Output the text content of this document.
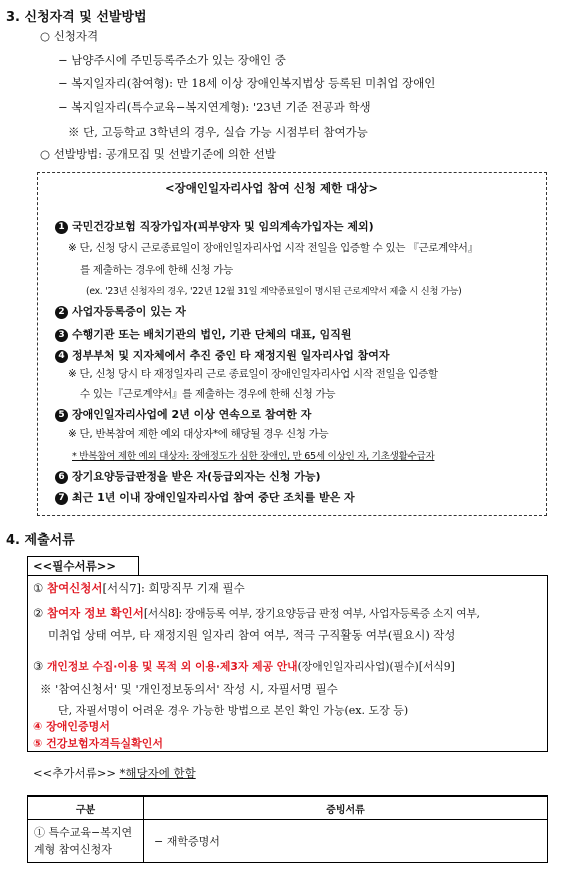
3. 신청자격 및 선발방법
○ 신청자격
− 남양주시에 주민등록주소가 있는 장애인 중
− 복지일자리(참여형): 만 18세 이상 장애인복지법상 등록된 미취업 장애인
− 복지일자리(특수교육−복지연계형): '23년 기준 전공과 학생
※ 단, 고등학교 3학년의 경우, 실습 가능 시점부터 참여가능
○ 선발방법: 공개모집 및 선발기준에 의한 선발
<장애인일자리사업 참여 신청 제한 대상>
1 국민건강보험 직장가입자(피부양자 및 임의계속가입자는 제외)
※ 단, 신청 당시 근로종료일이 장애인일자리사업 시작 전일을 입증할 수 있는 『근로계약서』
를 제출하는 경우에 한해 신청 가능
(ex. '23년 신청자의 경우, '22년 12월 31일 계약종료일이 명시된 근로계약서 제출 시 신청 가능)
2 사업자등록증이 있는 자
3 수행기관 또는 배치기관의 법인, 기관 단체의 대표, 임직원
4 정부부처 및 지자체에서 추진 중인 타 재정지원 일자리사업 참여자
※ 단, 신청 당시 타 재정일자리 근로 종료일이 장애인일자리사업 시작 전일을 입증할
수 있는『근로계약서』를 제출하는 경우에 한해 신청 가능
5 장애인일자리사업에 2년 이상 연속으로 참여한 자
※ 단, 반복참여 제한 예외 대상자*에 해당될 경우 신청 가능
* 반복참여 제한 예외 대상자: 장애정도가 심한 장애인, 만 65세 이상인 자, 기초생활수급자
6 장기요양등급판정을 받은 자(등급외자는 신청 가능)
7 최근 1년 이내 장애인일자리사업 참여 중단 조치를 받은 자
4. 제출서류
<<필수서류>>
① 참여신청서[서식7]: 희망직무 기재 필수
② 참여자 정보 확인서[서식8]: 장애등록 여부, 장기요양등급 판정 여부, 사업자등록증 소지 여부,
미취업 상태 여부, 타 재정지원 일자리 참여 여부, 적극 구직활동 여부(필요시) 작성
③ 개인정보 수집·이용 및 목적 외 이용·제3자 제공 안내(장애인일자리사업)(필수)[서식9]
※ '참여신청서' 및 '개인정보동의서' 작성 시, 자필서명 필수
단, 자필서명이 어려운 경우 가능한 방법으로 본인 확인 가능(ex. 도장 등)
④ 장애인증명서
⑤ 건강보험자격득실확인서
<<추가서류>> *해당자에 한함
구분	증빙서류
① 특수교육−복지연계형 참여신청자	− 재학증명서
